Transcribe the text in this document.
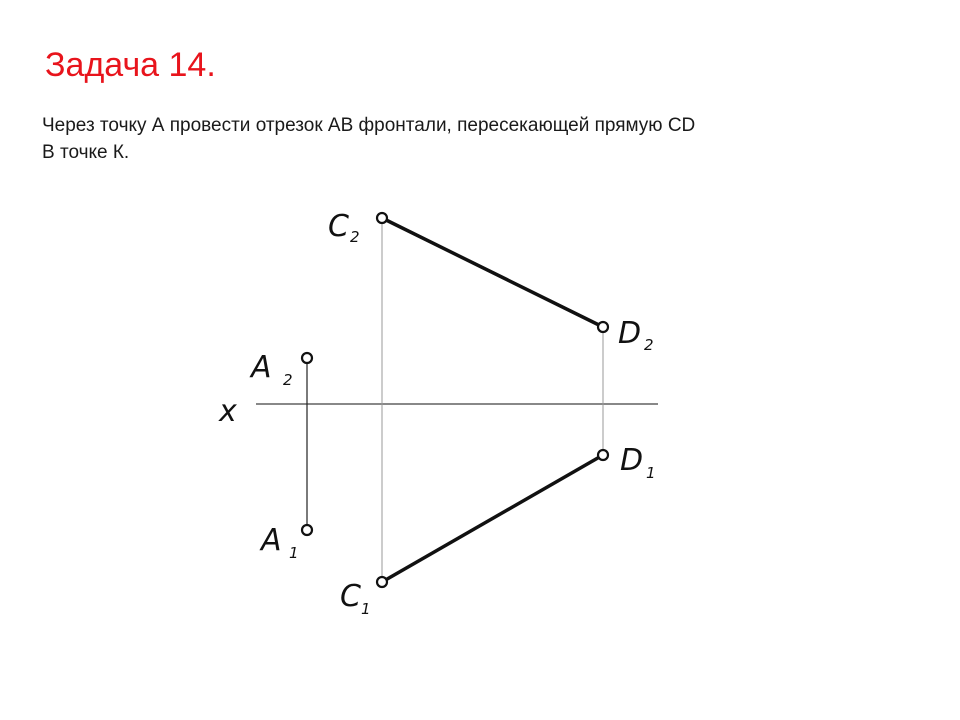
Задача 14.

Через точку А провести отрезок АВ фронтали, пересекающей прямую CD

В точке К.

x
C 2
D 2
A 2
D 1
A 1
C 1
